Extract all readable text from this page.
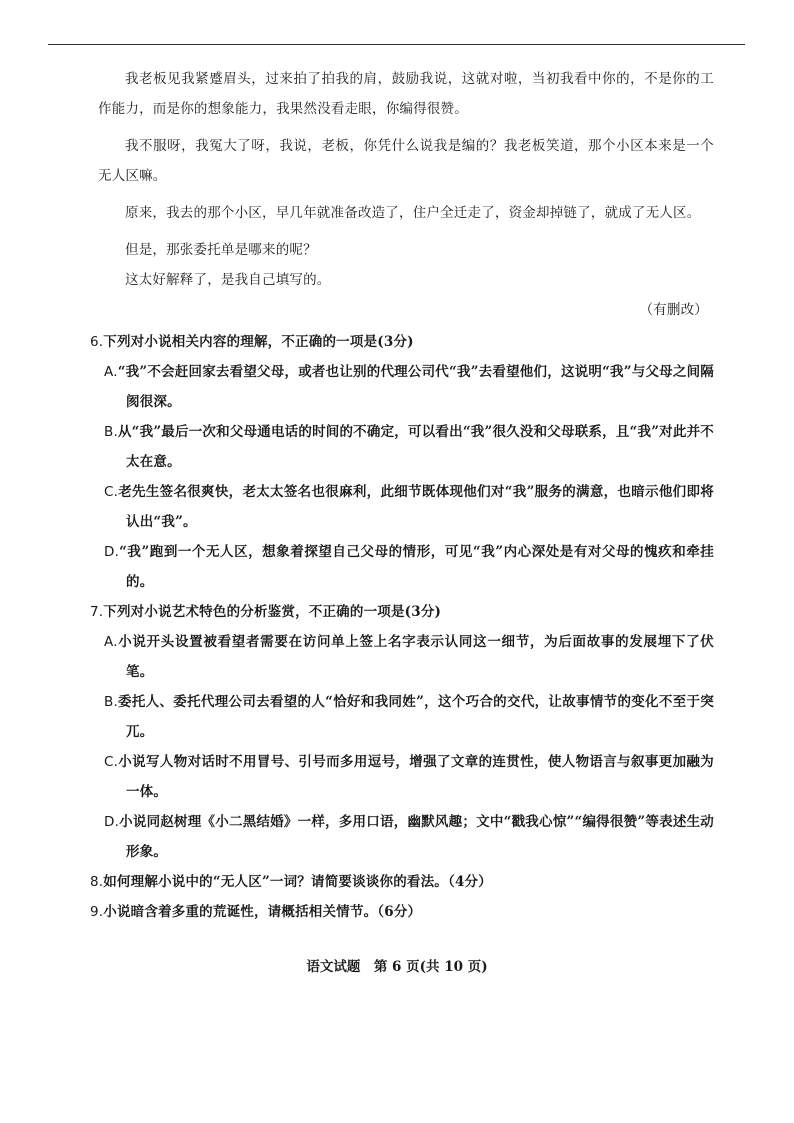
我老板见我紧蹙眉头，过来拍了拍我的肩，鼓励我说，这就对啦，当初我看中你的，不是你的工作能力，而是你的想象能力，我果然没看走眼，你编得很赞。

我不服呀，我冤大了呀，我说，老板，你凭什么说我是编的？我老板笑道，那个小区本来是一个无人区嘛。

原来，我去的那个小区，早几年就准备改造了，住户全迁走了，资金却掉链了，就成了无人区。

但是，那张委托单是哪来的呢？

这太好解释了，是我自己填写的。

（有删改）

6.下列对小说相关内容的理解，不正确的一项是(3分)

A.“我”不会赶回家去看望父母，或者也让别的代理公司代“我”去看望他们，这说明“我”与父母之间隔阂很深。

B.从“我”最后一次和父母通电话的时间的不确定，可以看出“我”很久没和父母联系，且“我”对此并不太在意。

C.老先生签名很爽快，老太太签名也很麻利，此细节既体现他们对“我”服务的满意，也暗示他们即将认出“我”。

D.“我”跑到一个无人区，想象着探望自己父母的情形，可见“我”内心深处是有对父母的愧疚和牵挂的。

7.下列对小说艺术特色的分析鉴赏，不正确的一项是(3分)

A.小说开头设置被看望者需要在访问单上签上名字表示认同这一细节，为后面故事的发展埋下了伏笔。

B.委托人、委托代理公司去看望的人“恰好和我同姓”，这个巧合的交代，让故事情节的变化不至于突兀。

C.小说写人物对话时不用冒号、引号而多用逗号，增强了文章的连贯性，使人物语言与叙事更加融为一体。

D.小说同赵树理《小二黑结婚》一样，多用口语，幽默风趣；文中“戳我心惊”“编得很赞”等表述生动形象。

8.如何理解小说中的“无人区”一词？请简要谈谈你的看法。（4分）

9.小说暗含着多重的荒诞性，请概括相关情节。（6分）

语文试题　第 6 页(共 10 页)
